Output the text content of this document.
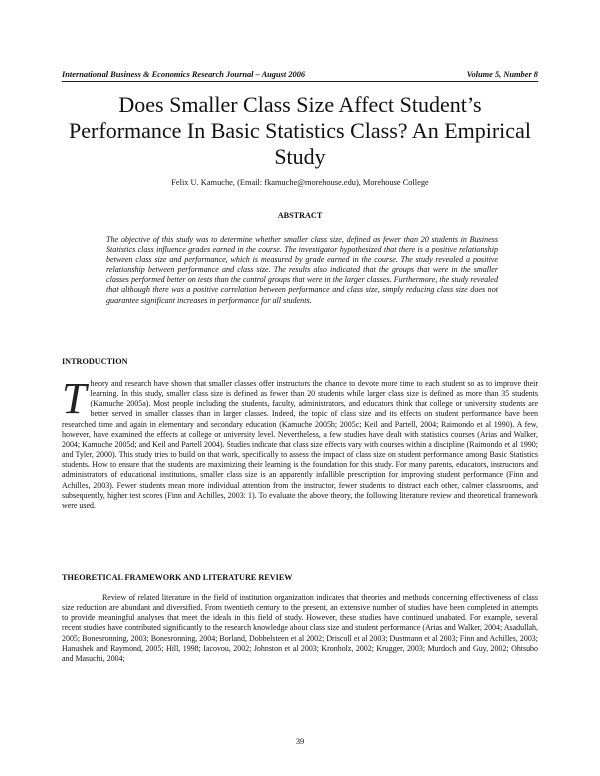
International Business & Economics Research Journal – August 2006	Volume 5, Number 8
Does Smaller Class Size Affect Student’s Performance In Basic Statistics Class? An Empirical Study
Felix U. Kamuche, (Email: fkamuche@morehouse.edu), Morehouse College
ABSTRACT

The objective of this study was to determine whether smaller class size, defined as fewer than 20 students in Business Statistics class influence grades earned in the course. The investigator hypothesized that there is a positive relationship between class size and performance, which is measured by grade earned in the course. The study revealed a positive relationship between performance and class size. The results also indicated that the groups that were in the smaller classes performed better on tests than the control groups that were in the larger classes. Furthermore, the study revealed that although there was a positive correlation between performance and class size, simply reducing class size does not guarantee significant increases in performance for all students.

INTRODUCTION

Theory and research have shown that smaller classes offer instructors the chance to devote more time to each student so as to improve their learning. In this study, smaller class size is defined as fewer than 20 students while larger class size is defined as more than 35 students (Kamuche 2005a). Most people including the students, faculty, administrators, and educators think that college or university students are better served in smaller classes than in larger classes. Indeed, the topic of class size and its effects on student performance have been researched time and again in elementary and secondary education (Kamuche 2005b; 2005c; Keil and Partell, 2004; Raimondo et al 1990). A few, however, have examined the effects at college or university level. Nevertheless, a few studies have dealt with statistics courses (Arias and Walker, 2004; Kamuche 2005d; and Keil and Partell 2004). Studies indicate that class size effects vary with courses within a discipline (Raimondo et al 1990; and Tyler, 2000). This study tries to build on that work, specifically to assess the impact of class size on student performance among Basic Statistics students. How to ensure that the students are maximizing their learning is the foundation for this study. For many parents, educators, instructors and administrators of educational institutions, smaller class size is an apparently infallible prescription for improving student performance (Finn and Achilles, 2003). Fewer students mean more individual attention from the instructor, fewer students to distract each other, calmer classrooms, and subsequently, higher test scores (Finn and Achilles, 2003: 1). To evaluate the above theory, the following literature review and theoretical framework were used.

THEORETICAL FRAMEWORK AND LITERATURE REVIEW

Review of related literature in the field of institution organization indicates that theories and methods concerning effectiveness of class size reduction are abundant and diversified. From twentieth century to the present, an extensive number of studies have been completed in attempts to provide meaningful analyses that meet the ideals in this field of study. However, these studies have continued unabated. For example, several recent studies have contributed significantly to the research knowledge about class size and student performance (Arias and Walker, 2004; Asadullah, 2005; Bonesronning, 2003; Bonesronning, 2004; Borland, Dobbelsteen et al 2002; Driscoll et al 2003; Dustmann et al 2003; Finn and Achilles, 2003; Hanushek and Raymond, 2005; Hill, 1998; Iacovou, 2002; Johnston et al 2003; Kronholz, 2002; Krugger, 2003; Murdoch and Guy, 2002; Ohtsubo and Masuchi, 2004;

39
